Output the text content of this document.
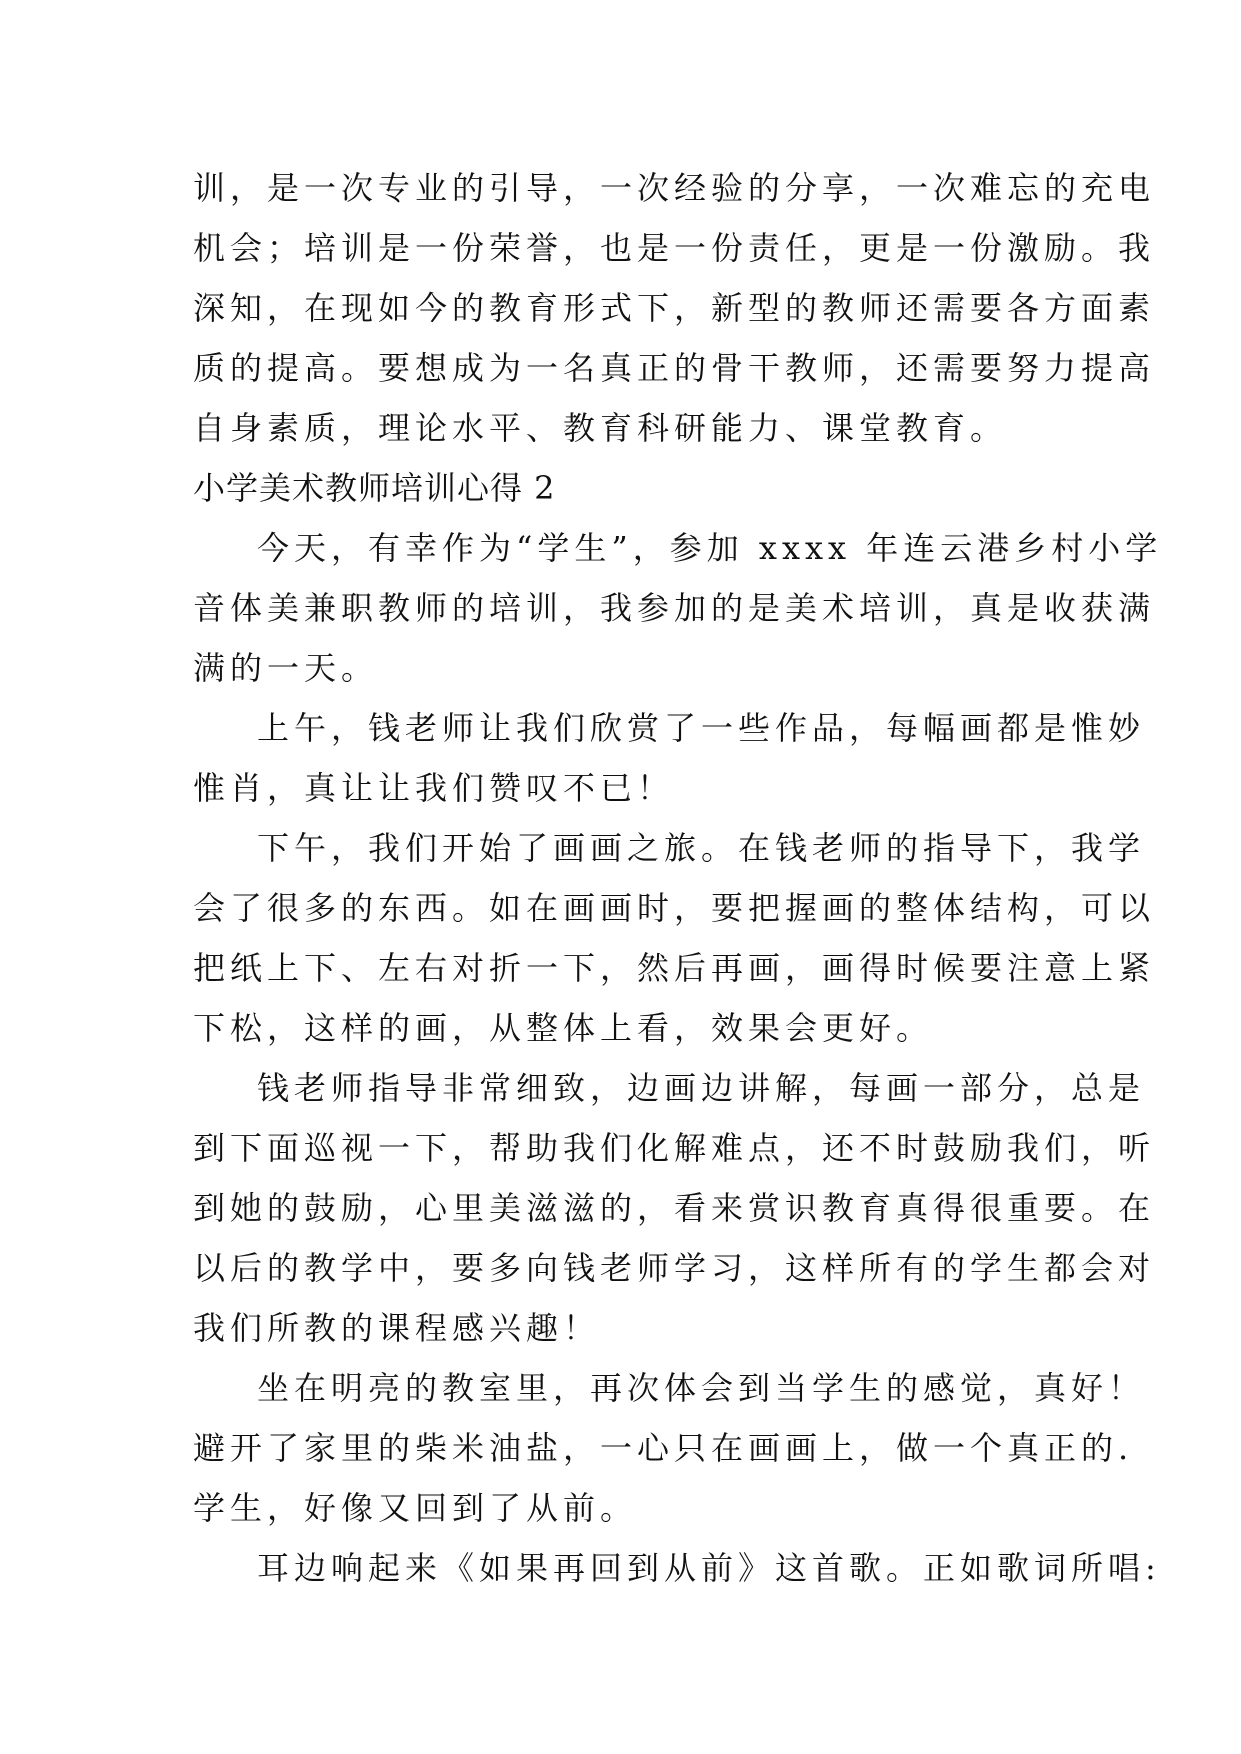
训，是一次专业的引导，一次经验的分享，一次难忘的充电
机会；培训是一份荣誉，也是一份责任，更是一份激励。我
深知，在现如今的教育形式下，新型的教师还需要各方面素
质的提高。要想成为一名真正的骨干教师，还需要努力提高
自身素质，理论水平、教育科研能力、课堂教育。
小学美术教师培训心得 2
今天，有幸作为“学生”，参加 xxxx 年连云港乡村小学
音体美兼职教师的培训，我参加的是美术培训，真是收获满
满的一天。
上午，钱老师让我们欣赏了一些作品，每幅画都是惟妙
惟肖，真让让我们赞叹不已！
下午，我们开始了画画之旅。在钱老师的指导下，我学
会了很多的东西。如在画画时，要把握画的整体结构，可以
把纸上下、左右对折一下，然后再画，画得时候要注意上紧
下松，这样的画，从整体上看，效果会更好。
钱老师指导非常细致，边画边讲解，每画一部分，总是
到下面巡视一下，帮助我们化解难点，还不时鼓励我们，听
到她的鼓励，心里美滋滋的，看来赏识教育真得很重要。在
以后的教学中，要多向钱老师学习，这样所有的学生都会对
我们所教的课程感兴趣！
坐在明亮的教室里，再次体会到当学生的感觉，真好！
避开了家里的柴米油盐，一心只在画画上，做一个真正的.
学生，好像又回到了从前。
耳边响起来《如果再回到从前》这首歌。正如歌词所唱:
